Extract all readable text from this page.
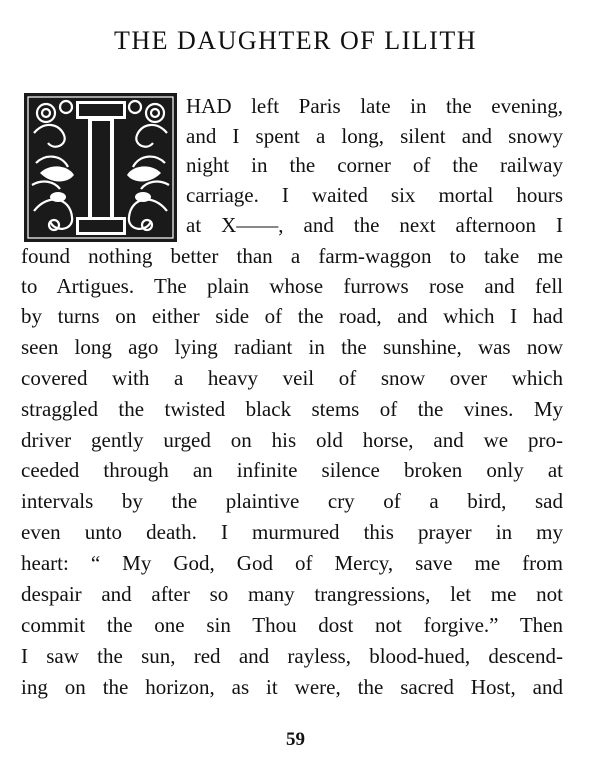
THE DAUGHTER OF LILITH
HAD left Paris late in the evening,
and I spent a long, silent and snowy
night in the corner of the railway
carriage. I waited six mortal hours
at X——, and the next afternoon I
found nothing better than a farm-waggon to take me
to Artigues. The plain whose furrows rose and fell
by turns on either side of the road, and which I had
seen long ago lying radiant in the sunshine, was now
covered with a heavy veil of snow over which
straggled the twisted black stems of the vines. My
driver gently urged on his old horse, and we pro-
ceeded through an infinite silence broken only at
intervals by the plaintive cry of a bird, sad
even unto death. I murmured this prayer in my
heart: “ My God, God of Mercy, save me from
despair and after so many trangressions, let me not
commit the one sin Thou dost not forgive.” Then
I saw the sun, red and rayless, blood-hued, descend-
ing on the horizon, as it were, the sacred Host, and
59
